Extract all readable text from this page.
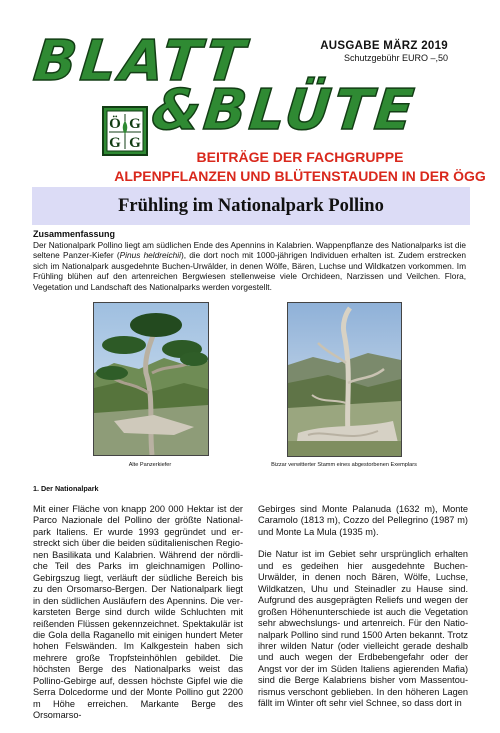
BLATT
&BLÜTE
Ö G
G G
AUSGABE MÄRZ 2019
Schutzgebühr EURO –,50
BEITRÄGE DER FACHGRUPPE
ALPENPFLANZEN UND BLÜTENSTAUDEN IN DER ÖGG
Frühling im Nationalpark Pollino
Zusammenfassung
Der Nationalpark Pollino liegt am südlichen Ende des Apennins in Kalabrien. Wappenpflanze des Nationalparks ist die seltene Panzer-Kiefer (Pinus heldreichii), die dort noch mit 1000-jährigen Individuen erhalten ist. Zudem erstrecken sich im Nationalpark ausgedehnte Buchen-Urwälder, in denen Wölfe, Bären, Luchse und Wildkatzen vorkommen. Im Frühling blühen auf den artenreichen Bergwiesen stellenweise viele Orchideen, Narzissen und Veilchen. Flora, Vegetation und Landschaft des Nationalparks werden vorgestellt.
Alte Panzerkiefer	Bizzar verwitterter Stamm eines abgestorbenen Exemplars
1. Der Nationalpark

Mit einer Fläche von knapp 200 000 Hektar ist der Parco Nazionale del Pollino der größte Nationalpark Italiens. Er wurde 1993 gegründet und erstreckt sich über die beiden süditalienischen Regionen Basilikata und Kalabrien. Während der nördliche Teil des Parks im gleichnamigen Pollino-Gebirgszug liegt, verläuft der südliche Bereich bis zu den Orsomarso-Bergen. Der Nationalpark liegt in den südlichen Ausläufern des Apennins. Die verkarsteten Berge sind durch wilde Schluchten mit reißenden Flüssen gekennzeichnet. Spektakulär ist die Gola della Raganello mit einigen hundert Meter hohen Felswänden. Im Kalkgestein haben sich mehrere große Tropfsteinhöhlen gebildet. Die höchsten Berge des Nationalparks weist das Pollino-Gebirge auf, dessen höchste Gipfel wie die Serra Dolcedorme und der Monte Pollino gut 2200 m Höhe erreichen. Markante Berge des Orsomarso-

Gebirges sind Monte Palanuda (1632 m), Monte Caramolo (1813 m), Cozzo del Pellegrino (1987 m) und Monte La Mula (1935 m).

Die Natur ist im Gebiet sehr ursprünglich erhalten und es gedeihen hier ausgedehnte Buchen-Urwälder, in denen noch Bären, Wölfe, Luchse, Wildkatzen, Uhu und Steinadler zu Hause sind. Aufgrund des ausgeprägten Reliefs und wegen der großen Höhenunterschiede ist auch die Vegetation sehr abwechslungs- und artenreich. Für den Nationalpark Pollino sind rund 1500 Arten bekannt. Trotz ihrer wilden Natur (oder vielleicht gerade deshalb und auch wegen der Erdbebengefahr oder der Angst vor der im Süden Italiens agierenden Mafia) sind die Berge Kalabriens bisher vom Massentourismus verschont geblieben. In den höheren Lagen fällt im Winter oft sehr viel Schnee, so dass dort in
